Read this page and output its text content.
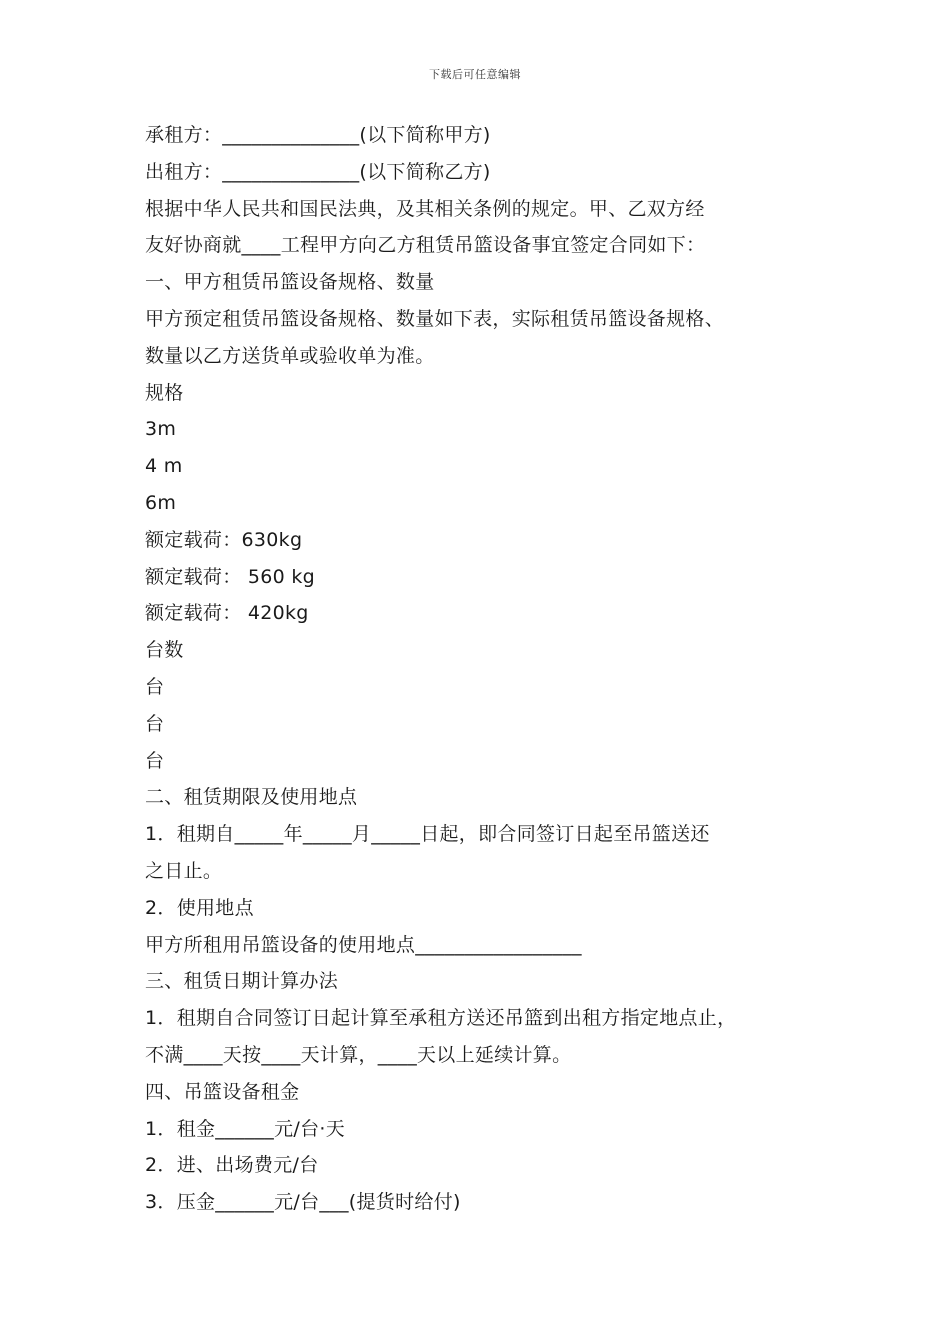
下载后可任意编辑
承租方：______________(以下简称甲方)
出租方：______________(以下简称乙方)
根据中华人民共和国民法典，及其相关条例的规定。甲、乙双方经
友好协商就____工程甲方向乙方租赁吊篮设备事宜签定合同如下：
一、甲方租赁吊篮设备规格、数量
甲方预定租赁吊篮设备规格、数量如下表，实际租赁吊篮设备规格、
数量以乙方送货单或验收单为准。
规格
3m
4 m
6m
额定载荷：630kg
额定载荷： 560 kg
额定载荷： 420kg
台数
台
台
台
二、租赁期限及使用地点
1．租期自_____年_____月_____日起，即合同签订日起至吊篮送还
之日止。
2．使用地点
甲方所租用吊篮设备的使用地点_________________
三、租赁日期计算办法
1．租期自合同签订日起计算至承租方送还吊篮到出租方指定地点止，
不满____天按____天计算，____天以上延续计算。
四、吊篮设备租金
1．租金______元/台·天
2．进、出场费元/台
3．压金______元/台___(提货时给付)
